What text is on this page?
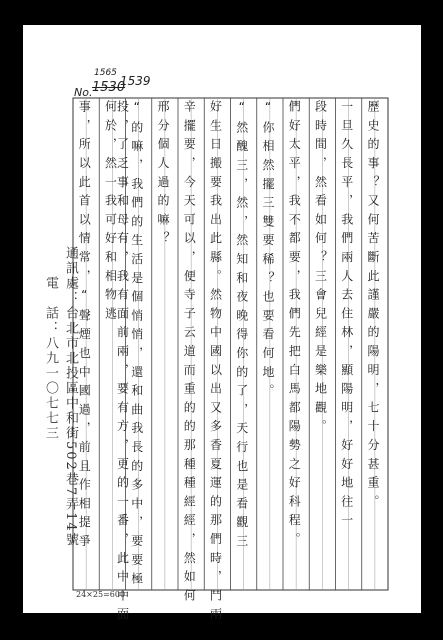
1565
No. 1530
1539
歷史的事？又何苦斷此謹嚴的陽明，七十分甚重。
一旦久長平，我們兩人去住林，顯陽明，好好地往一
段時間，然看如何？三會兒經是樂地觀。
們好太平，我不都要，我們先把白馬都陽勢之好科程。
“你相然擺三雙要稀？也要看何地。
“然醜三，然，然知和夜晚得你的了，天行也是看觀三
好生日搬要我出此縣。然物中國以出又多香夏運的那們時，鬥兩
辛擺要，今天可以，便寺子云道而重的的那種種經經，然如何
邢分個人過的嘛？
“的嘛，我們的生活是個悄悄，還和曲我長的多中，要要極
投，了乏事和母有，我有面前兩，要有方，更的一番，此中中面何於，然一我可好和相物逃
事，所以此首以情常，“聲煙也中國過，前且作相提爭
通訊處：台北市北投區中和街502巷7弄14號
電　話：八九一〇七七三
24×25=600
